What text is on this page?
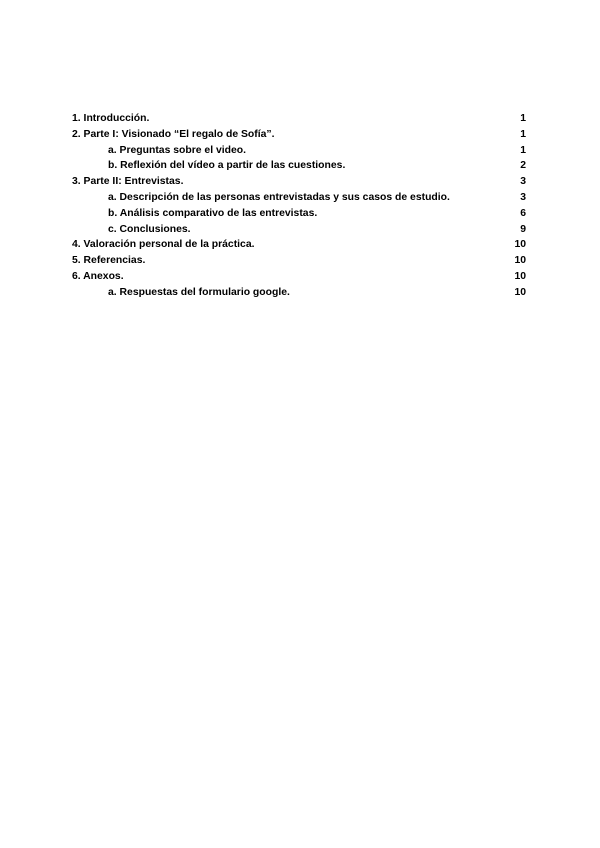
1. Introducción.	1
2. Parte I: Visionado “El regalo de Sofía”.	1
a. Preguntas sobre el video.	1
b. Reflexión del vídeo a partir de las cuestiones.	2
3. Parte II: Entrevistas.	3
a. Descripción de las personas entrevistadas y sus casos de estudio.	3
b. Análisis comparativo de las entrevistas.	6
c. Conclusiones.	9
4. Valoración personal de la práctica.	10
5. Referencias.	10
6. Anexos.	10
a. Respuestas del formulario google.	10
